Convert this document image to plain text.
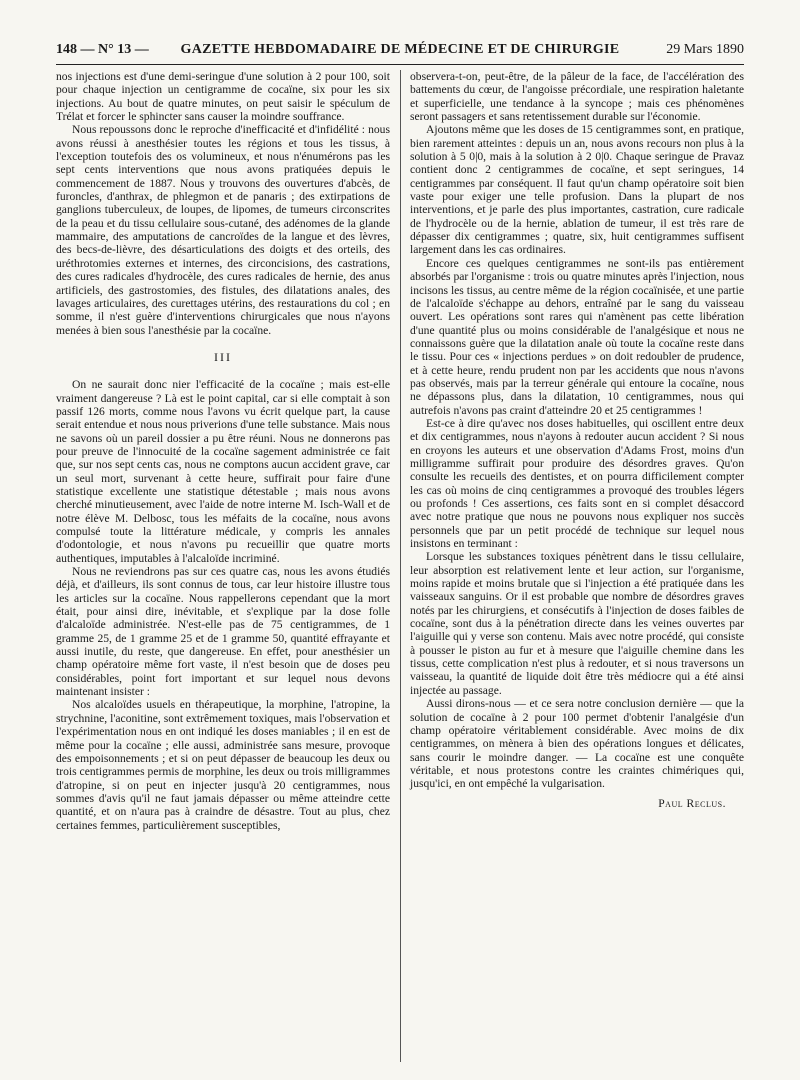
148 — N° 13 —	GAZETTE HEBDOMADAIRE DE MÉDECINE ET DE CHIRURGIE	29 Mars 1890

nos injections est d'une demi-seringue d'une solution à 2 pour 100, soit pour chaque injection un centigramme de cocaïne, six pour les six injections. Au bout de quatre minutes, on peut saisir le spéculum de Trélat et forcer le sphincter sans causer la moindre souffrance.

Nous repoussons donc le reproche d'inefficacité et d'infidélité : nous avons réussi à anesthésier toutes les régions et tous les tissus, à l'exception toutefois des os volumineux, et nous n'énumérons pas les sept cents interventions que nous avons pratiquées depuis le commencement de 1887. Nous y trouvons des ouvertures d'abcès, de furoncles, d'anthrax, de phlegmon et de panaris ; des extirpations de ganglions tuberculeux, de loupes, de lipomes, de tumeurs circonscrites de la peau et du tissu cellulaire sous-cutané, des adénomes de la glande mammaire, des amputations de cancroïdes de la langue et des lèvres, des becs-de-lièvre, des désarticulations des doigts et des orteils, des uréthrotomies externes et internes, des circoncisions, des castrations, des cures radicales d'hydrocèle, des cures radicales de hernie, des anus artificiels, des gastrostomies, des fistules, des dilatations anales, des lavages articulaires, des curettages utérins, des restaurations du col ; en somme, il n'est guère d'interventions chirurgicales que nous n'ayons menées à bien sous l'anesthésie par la cocaïne.

III

On ne saurait donc nier l'efficacité de la cocaïne ; mais est-elle vraiment dangereuse ? Là est le point capital, car si elle comptait à son passif 126 morts, comme nous l'avons vu écrit quelque part, la cause serait entendue et nous nous priverions d'une telle substance. Mais nous ne savons où un pareil dossier a pu être réuni. Nous ne donnerons pas pour preuve de l'innocuité de la cocaïne sagement administrée ce fait que, sur nos sept cents cas, nous ne comptons aucun accident grave, car un seul mort, survenant à cette heure, suffirait pour faire d'une statistique excellente une statistique détestable ; mais nous avons cherché minutieusement, avec l'aide de notre interne M. Isch-Wall et de notre élève M. Delbosc, tous les méfaits de la cocaïne, nous avons compulsé toute la littérature médicale, y compris les annales d'odontologie, et nous n'avons pu recueillir que quatre morts authentiques, imputables à l'alcaloïde incriminé.

Nous ne reviendrons pas sur ces quatre cas, nous les avons étudiés déjà, et d'ailleurs, ils sont connus de tous, car leur histoire illustre tous les articles sur la cocaïne. Nous rappellerons cependant que la mort était, pour ainsi dire, inévitable, et s'explique par la dose folle d'alcaloïde administrée. N'est-elle pas de 75 centigrammes, de 1 gramme 25, de 1 gramme 25 et de 1 gramme 50, quantité effrayante et aussi inutile, du reste, que dangereuse. En effet, pour anesthésier un champ opératoire même fort vaste, il n'est besoin que de doses peu considérables, point fort important et sur lequel nous devons maintenant insister :

Nos alcaloïdes usuels en thérapeutique, la morphine, l'atropine, la strychnine, l'aconitine, sont extrêmement toxiques, mais l'observation et l'expérimentation nous en ont indiqué les doses maniables ; il en est de même pour la cocaïne ; elle aussi, administrée sans mesure, provoque des empoisonnements ; et si on peut dépasser de beaucoup les deux ou trois centigrammes permis de morphine, les deux ou trois milligrammes d'atropine, si on peut en injecter jusqu'à 20 centigrammes, nous sommes d'avis qu'il ne faut jamais dépasser ou même atteindre cette quantité, et on n'aura pas à craindre de désastre. Tout au plus, chez certaines femmes, particulièrement susceptibles,

observera-t-on, peut-être, de la pâleur de la face, de l'accélération des battements du cœur, de l'angoisse précordiale, une respiration haletante et superficielle, une tendance à la syncope ; mais ces phénomènes seront passagers et sans retentissement durable sur l'économie.

Ajoutons même que les doses de 15 centigrammes sont, en pratique, bien rarement atteintes : depuis un an, nous avons recours non plus à la solution à 5 0|0, mais à la solution à 2 0|0. Chaque seringue de Pravaz contient donc 2 centigrammes de cocaïne, et sept seringues, 14 centigrammes par conséquent. Il faut qu'un champ opératoire soit bien vaste pour exiger une telle profusion. Dans la plupart de nos interventions, et je parle des plus importantes, castration, cure radicale de l'hydrocèle ou de la hernie, ablation de tumeur, il est très rare de dépasser dix centigrammes ; quatre, six, huit centigrammes suffisent largement dans les cas ordinaires.

Encore ces quelques centigrammes ne sont-ils pas entièrement absorbés par l'organisme : trois ou quatre minutes après l'injection, nous incisons les tissus, au centre même de la région cocaïnisée, et une partie de l'alcaloïde s'échappe au dehors, entraîné par le sang du vaisseau ouvert. Les opérations sont rares qui n'amènent pas cette libération d'une quantité plus ou moins considérable de l'analgésique et nous ne connaissons guère que la dilatation anale où toute la cocaïne reste dans le tissu. Pour ces « injections perdues » on doit redoubler de prudence, et à cette heure, rendu prudent non par les accidents que nous n'avons pas observés, mais par la terreur générale qui entoure la cocaïne, nous ne dépassons plus, dans la dilatation, 10 centigrammes, nous qui autrefois n'avons pas craint d'atteindre 20 et 25 centigrammes !

Est-ce à dire qu'avec nos doses habituelles, qui oscillent entre deux et dix centigrammes, nous n'ayons à redouter aucun accident ? Si nous en croyons les auteurs et une observation d'Adams Frost, moins d'un milligramme suffirait pour produire des désordres graves. Qu'on consulte les recueils des dentistes, et on pourra difficilement compter les cas où moins de cinq centigrammes a provoqué des troubles légers ou profonds ! Ces assertions, ces faits sont en si complet désaccord avec notre pratique que nous ne pouvons nous expliquer nos succès personnels que par un petit procédé de technique sur lequel nous insistons en terminant :

Lorsque les substances toxiques pénètrent dans le tissu cellulaire, leur absorption est relativement lente et leur action, sur l'organisme, moins rapide et moins brutale que si l'injection a été pratiquée dans les vaisseaux sanguins. Or il est probable que nombre de désordres graves notés par les chirurgiens, et consécutifs à l'injection de doses faibles de cocaïne, sont dus à la pénétration directe dans les veines ouvertes par l'aiguille qui y verse son contenu. Mais avec notre procédé, qui consiste à pousser le piston au fur et à mesure que l'aiguille chemine dans les tissus, cette complication n'est plus à redouter, et si nous traversons un vaisseau, la quantité de liquide doit être très médiocre qui a été ainsi injectée au passage.

Aussi dirons-nous — et ce sera notre conclusion dernière — que la solution de cocaïne à 2 pour 100 permet d'obtenir l'analgésie d'un champ opératoire véritablement considérable. Avec moins de dix centigrammes, on mènera à bien des opérations longues et délicates, sans courir le moindre danger. — La cocaïne est une conquête véritable, et nous protestons contre les craintes chimériques qui, jusqu'ici, en ont empêché la vulgarisation.

Paul Reclus.
